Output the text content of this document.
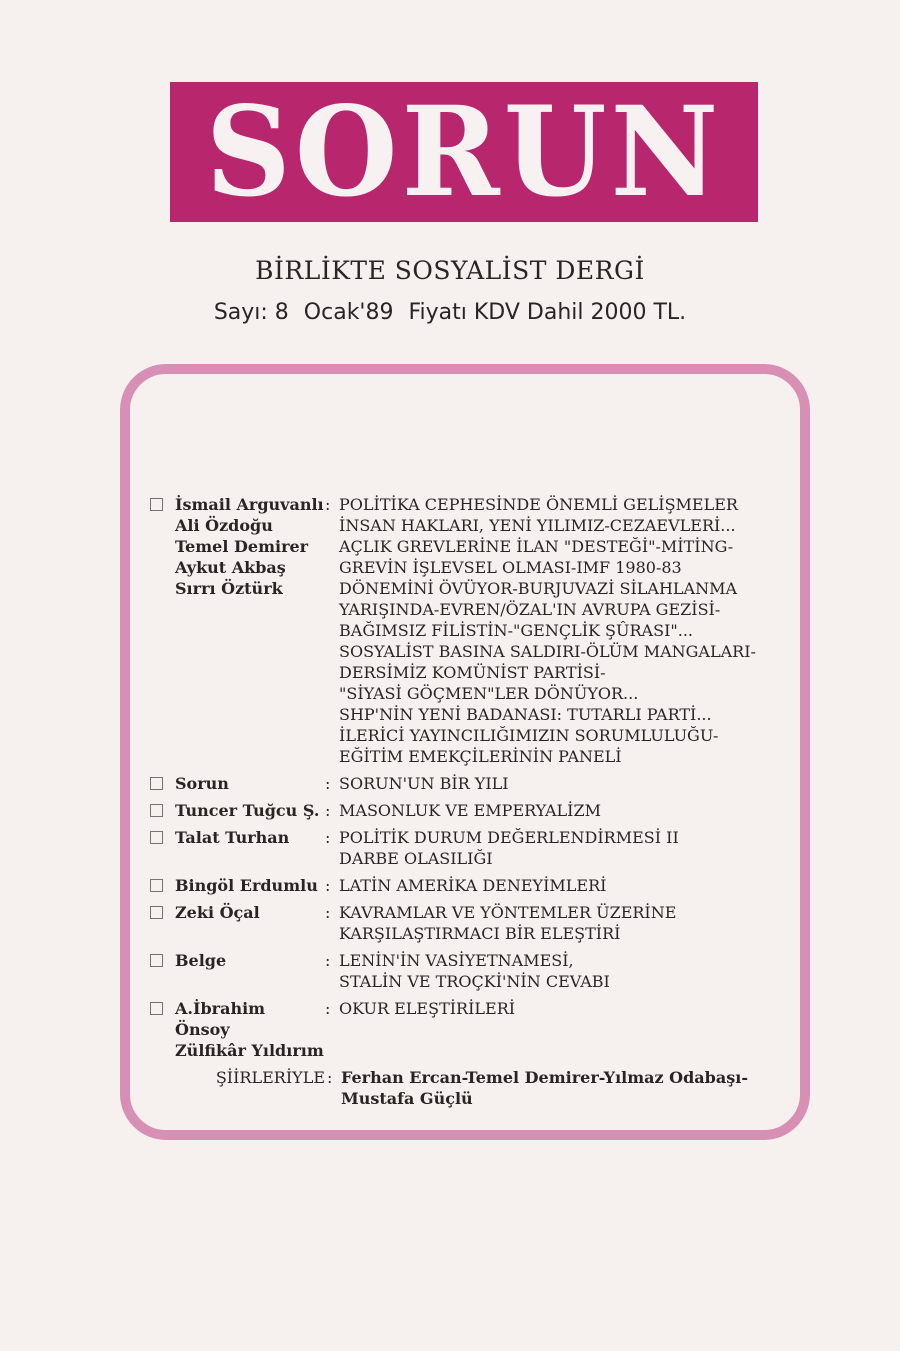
SORUN
BİRLİKTE SOSYALİST DERGİ
Sayı: 8 Ocak'89 Fiyatı KDV Dahil 2000 TL.
İsmail Arguvanlı
Ali Özdoğu
Temel Demirer
Aykut Akbaş
Sırrı Öztürk
: POLİTİKA CEPHESİNDE ÖNEMLİ GELİŞMELER
İNSAN HAKLARI, YENİ YILIMIZ-CEZAEVLERİ...
AÇLIK GREVLERİNE İLAN "DESTEĞİ"-MİTİNG-
GREVİN İŞLEVSEL OLMASI-IMF 1980-83
DÖNEMİNİ ÖVÜYOR-BURJUVAZİ SİLAHLANMA
YARIŞINDA-EVREN/ÖZAL'IN AVRUPA GEZİSİ-
BAĞIMSIZ FİLİSTİN-"GENÇLİK ŞÛRASI"...
SOSYALİST BASINA SALDIRI-ÖLÜM MANGALARI-
DERSİMİZ KOMÜNİST PARTİSİ-
"SİYASİ GÖÇMEN"LER DÖNÜYOR...
SHP'NİN YENİ BADANASI: TUTARLI PARTİ...
İLERİCİ YAYINCILIĞIMIZIN SORUMLULUĞU-
EĞİTİM EMEKÇİLERİNİN PANELİ
Sorun	: SORUN'UN BİR YILI
Tuncer Tuğcu Ş. : MASONLUK VE EMPERYALİZM
Talat Turhan	: POLİTİK DURUM DEĞERLENDİRMESİ II
DARBE OLASILIĞI
Bingöl Erdumlu : LATİN AMERİKA DENEYİMLERİ
Zeki Öçal	: KAVRAMLAR VE YÖNTEMLER ÜZERİNE
KARŞILAŞTIRMACI BİR ELEŞTİRİ
Belge	: LENİN'İN VASİYETNAMESİ,
STALİN VE TROÇKİ'NİN CEVABI
A.İbrahim Önsoy
Zülfikâr Yıldırım
: OKUR ELEŞTİRİLERİ
ŞİİRLERİYLE : Ferhan Ercan-Temel Demirer-Yılmaz Odabaşı-
Mustafa Güçlü
